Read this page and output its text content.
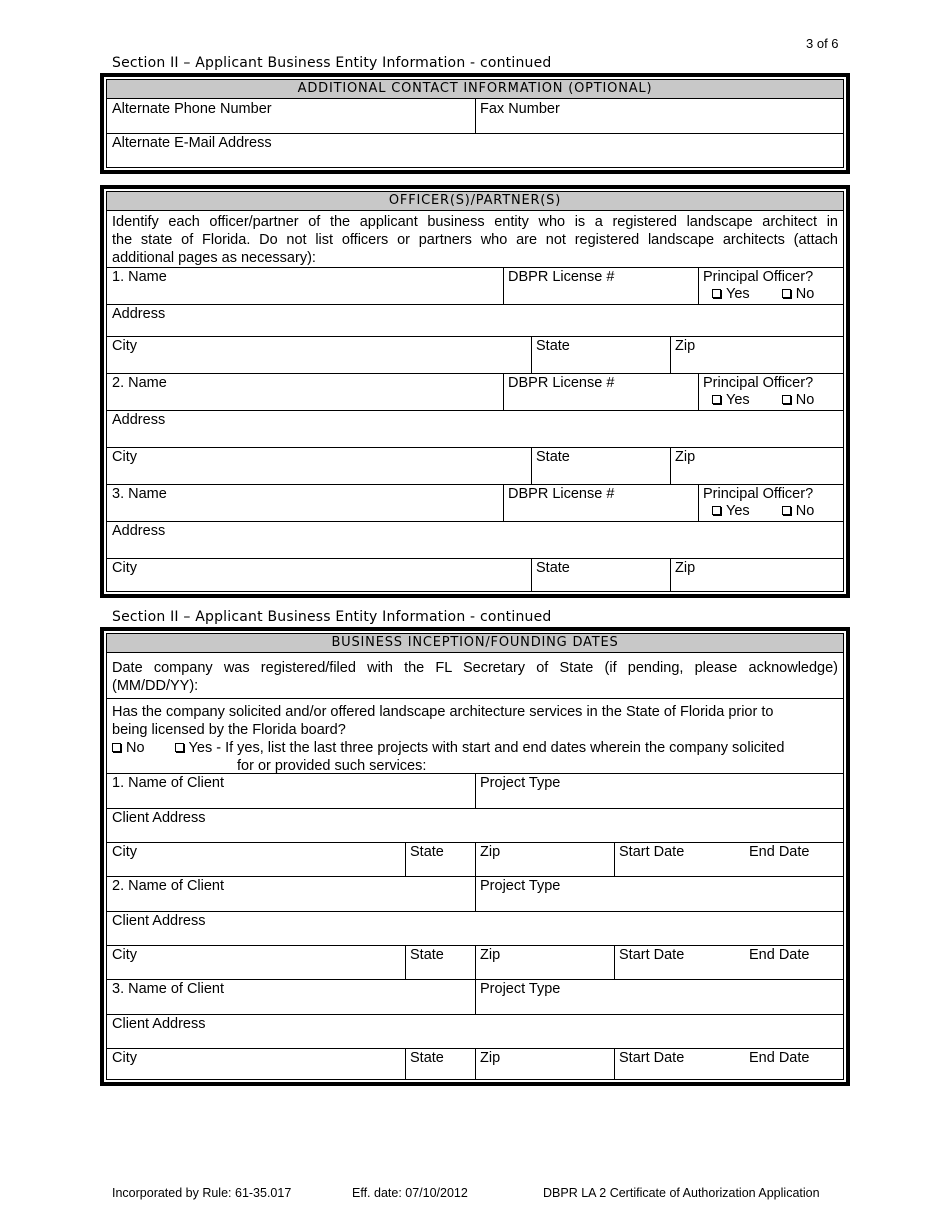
3 of 6
Section II – Applicant Business Entity Information - continued
ADDITIONAL CONTACT INFORMATION (OPTIONAL)
Alternate Phone Number	Fax Number
Alternate E-Mail Address
OFFICER(S)/PARTNER(S)
Identify each officer/partner of the applicant business entity who is a registered landscape architect in
the state of Florida. Do not list officers or partners who are not registered landscape architects (attach
additional pages as necessary):
1. Name	DBPR License #	Principal Officer?
Yes	No
Address
City	State	Zip
2. Name	DBPR License #	Principal Officer?
Yes	No
Address
City	State	Zip
3. Name	DBPR License #	Principal Officer?
Yes	No
Address
City	State	Zip
Section II – Applicant Business Entity Information - continued
BUSINESS INCEPTION/FOUNDING DATES
Date company was registered/filed with the FL Secretary of State (if pending, please acknowledge)
(MM/DD/YY):
Has the company solicited and/or offered landscape architecture services in the State of Florida prior to
being licensed by the Florida board?
No	Yes - If yes, list the last three projects with start and end dates wherein the company solicited
for or provided such services:
1. Name of Client	Project Type
Client Address
City	State	Zip	Start Date	End Date
2. Name of Client	Project Type
Client Address
City	State	Zip	Start Date	End Date
3. Name of Client	Project Type
Client Address
City	State	Zip	Start Date	End Date
Incorporated by Rule: 61-35.017	Eff. date: 07/10/2012	DBPR LA 2 Certificate of Authorization Application
